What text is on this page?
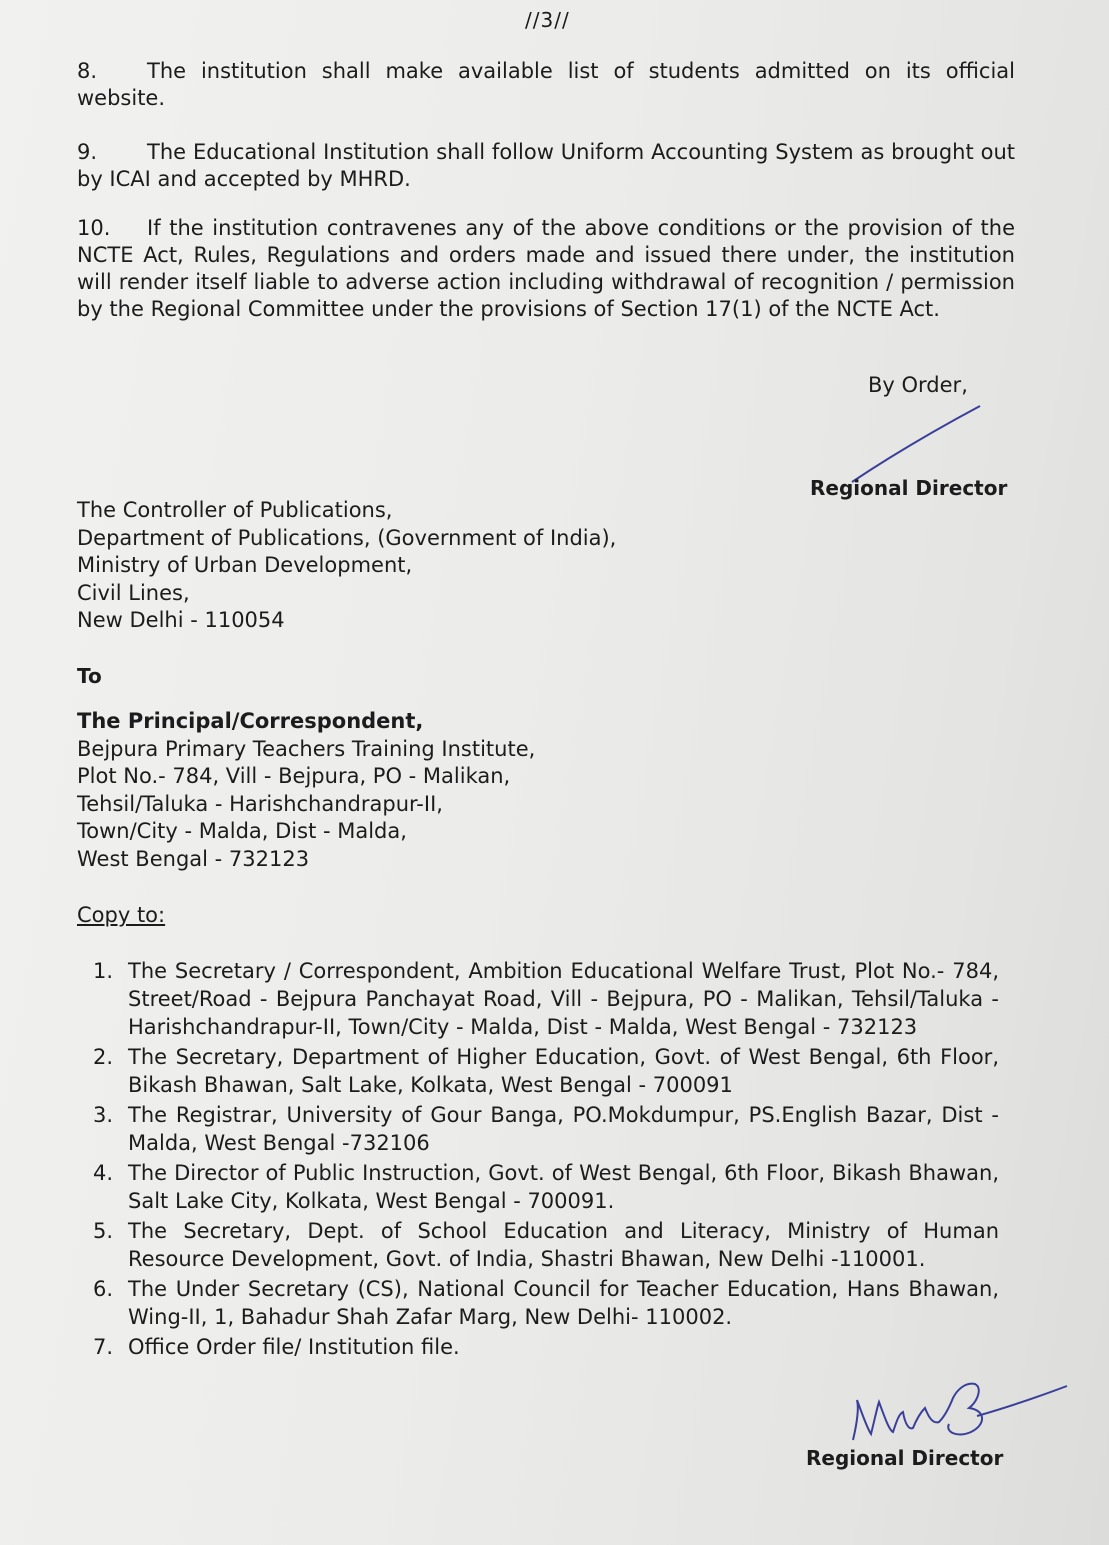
//3//
8. The institution shall make available list of students admitted on its official website.
9. The Educational Institution shall follow Uniform Accounting System as brought out by ICAI and accepted by MHRD.
10. If the institution contravenes any of the above conditions or the provision of the NCTE Act, Rules, Regulations and orders made and issued there under, the institution will render itself liable to adverse action including withdrawal of recognition / permission by the Regional Committee under the provisions of Section 17(1) of the NCTE Act.
By Order,
Regional Director
The Controller of Publications,
Department of Publications, (Government of India),
Ministry of Urban Development,
Civil Lines,
New Delhi - 110054
To
The Principal/Correspondent,
Bejpura Primary Teachers Training Institute,
Plot No.- 784, Vill - Bejpura, PO - Malikan,
Tehsil/Taluka - Harishchandrapur-II,
Town/City - Malda, Dist - Malda,
West Bengal - 732123
Copy to:
1. The Secretary / Correspondent, Ambition Educational Welfare Trust, Plot No.- 784, Street/Road - Bejpura Panchayat Road, Vill - Bejpura, PO - Malikan, Tehsil/Taluka - Harishchandrapur-II, Town/City - Malda, Dist - Malda, West Bengal - 732123
2. The Secretary, Department of Higher Education, Govt. of West Bengal, 6th Floor, Bikash Bhawan, Salt Lake, Kolkata, West Bengal - 700091
3. The Registrar, University of Gour Banga, PO.Mokdumpur, PS.English Bazar, Dist - Malda, West Bengal -732106
4. The Director of Public Instruction, Govt. of West Bengal, 6th Floor, Bikash Bhawan, Salt Lake City, Kolkata, West Bengal - 700091.
5. The Secretary, Dept. of School Education and Literacy, Ministry of Human Resource Development, Govt. of India, Shastri Bhawan, New Delhi -110001.
6. The Under Secretary (CS), National Council for Teacher Education, Hans Bhawan, Wing-II, 1, Bahadur Shah Zafar Marg, New Delhi- 110002.
7. Office Order file/ Institution file.
Regional Director
